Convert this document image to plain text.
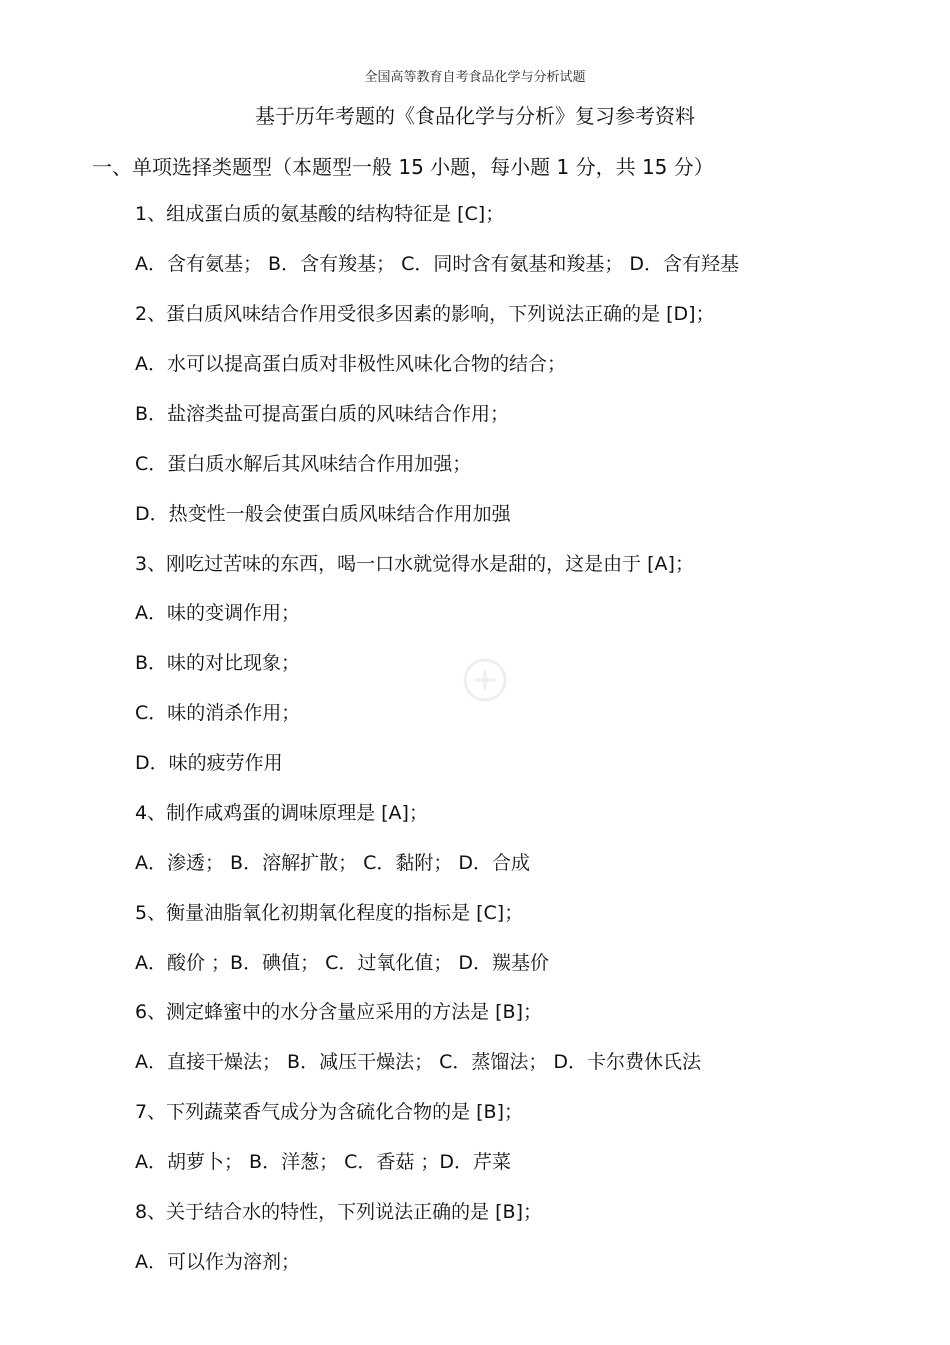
全国高等教育自考食品化学与分析试题
基于历年考题的《食品化学与分析》复习参考资料
一、单项选择类题型（本题型一般 15 小题，每小题 1 分，共 15 分）
1、组成蛋白质的氨基酸的结构特征是 [C]；
A．含有氨基； B．含有羧基； C．同时含有氨基和羧基； D．含有羟基
2、蛋白质风味结合作用受很多因素的影响，下列说法正确的是 [D]；
A．水可以提高蛋白质对非极性风味化合物的结合；
B．盐溶类盐可提高蛋白质的风味结合作用；
C．蛋白质水解后其风味结合作用加强；
D．热变性一般会使蛋白质风味结合作用加强
3、刚吃过苦味的东西，喝一口水就觉得水是甜的，这是由于 [A]；
A．味的变调作用；
B．味的对比现象；
C．味的消杀作用；
D．味的疲劳作用
4、制作咸鸡蛋的调味原理是 [A]；
A．渗透； B．溶解扩散； C．黏附； D．合成
5、衡量油脂氧化初期氧化程度的指标是 [C]；
A．酸价 ；B．碘值； C．过氧化值； D．羰基价
6、测定蜂蜜中的水分含量应采用的方法是 [B]；
A．直接干燥法； B．减压干燥法； C．蒸馏法； D．卡尔费休氏法
7、下列蔬菜香气成分为含硫化合物的是 [B]；
A．胡萝卜； B．洋葱； C．香菇 ；D．芹菜
8、关于结合水的特性，下列说法正确的是 [B]；
A．可以作为溶剂；
